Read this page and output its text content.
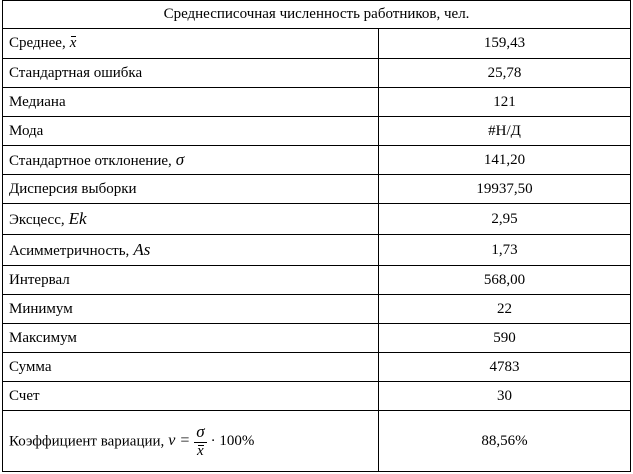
Среднесписочная численность работников, чел.	
Среднее, x	159,43
Стандартная ошибка	25,78
Медиана	121
Мода	#Н/Д
Стандартное отклонение, σ	141,20
Дисперсия выборки	19937,50
Эксцесс, Ek	2,95
Асимметричность, As	1,73
Интервал	568,00
Минимум	22
Максимум	590
Сумма	4783
Счет	30
Коэффициент вариации, $v = \frac{\sigma}{x} \cdot 100\%$	88,56%
